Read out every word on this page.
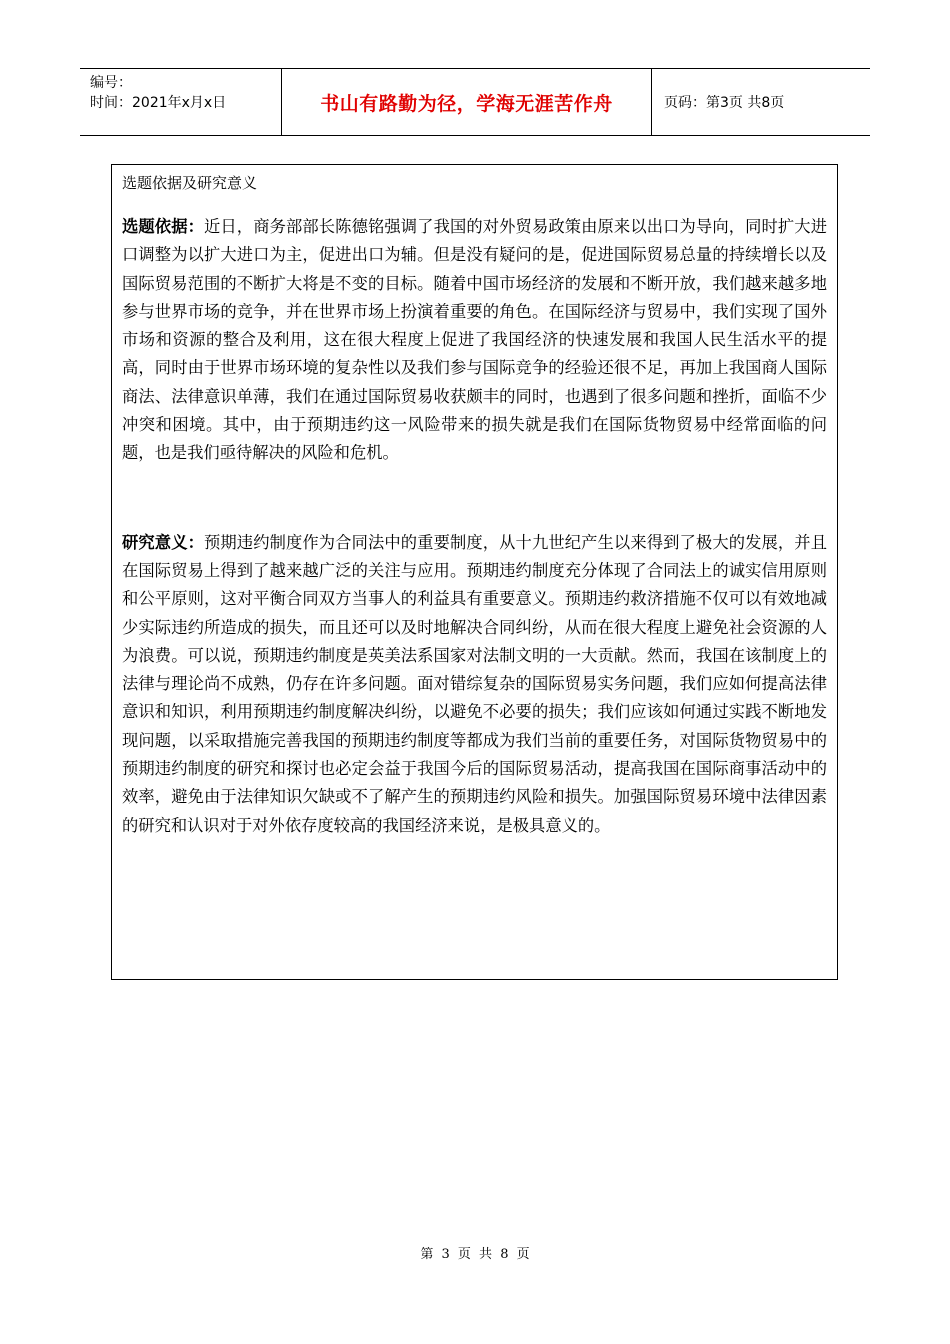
编号：
时间：2021年x月x日	书山有路勤为径，学海无涯苦作舟	页码：第3页 共8页
选题依据及研究意义

选题依据：近日，商务部部长陈德铭强调了我国的对外贸易政策由原来以出口为导向，同时扩大进口调整为以扩大进口为主，促进出口为辅。但是没有疑问的是，促进国际贸易总量的持续增长以及国际贸易范围的不断扩大将是不变的目标。随着中国市场经济的发展和不断开放，我们越来越多地参与世界市场的竞争，并在世界市场上扮演着重要的角色。在国际经济与贸易中，我们实现了国外市场和资源的整合及利用，这在很大程度上促进了我国经济的快速发展和我国人民生活水平的提高，同时由于世界市场环境的复杂性以及我们参与国际竞争的经验还很不足，再加上我国商人国际商法、法律意识单薄，我们在通过国际贸易收获颇丰的同时，也遇到了很多问题和挫折，面临不少冲突和困境。其中，由于预期违约这一风险带来的损失就是我们在国际货物贸易中经常面临的问题，也是我们亟待解决的风险和危机。

研究意义：预期违约制度作为合同法中的重要制度，从十九世纪产生以来得到了极大的发展，并且在国际贸易上得到了越来越广泛的关注与应用。预期违约制度充分体现了合同法上的诚实信用原则和公平原则，这对平衡合同双方当事人的利益具有重要意义。预期违约救济措施不仅可以有效地减少实际违约所造成的损失，而且还可以及时地解决合同纠纷，从而在很大程度上避免社会资源的人为浪费。可以说，预期违约制度是英美法系国家对法制文明的一大贡献。然而，我国在该制度上的法律与理论尚不成熟，仍存在许多问题。面对错综复杂的国际贸易实务问题，我们应如何提高法律意识和知识，利用预期违约制度解决纠纷，以避免不必要的损失；我们应该如何通过实践不断地发现问题，以采取措施完善我国的预期违约制度等都成为我们当前的重要任务，对国际货物贸易中的预期违约制度的研究和探讨也必定会益于我国今后的国际贸易活动，提高我国在国际商事活动中的效率，避免由于法律知识欠缺或不了解产生的预期违约风险和损失。加强国际贸易环境中法律因素的研究和认识对于对外依存度较高的我国经济来说，是极具意义的。

第 3 页 共 8 页
